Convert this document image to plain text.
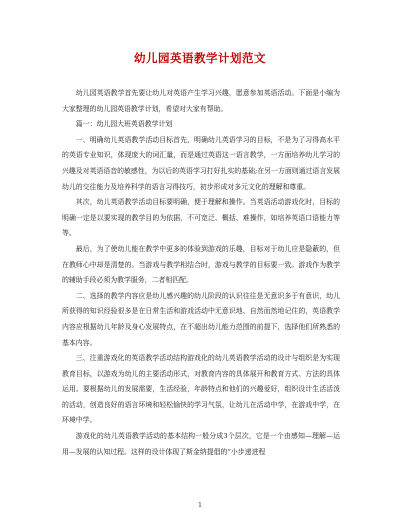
幼儿园英语教学计划范文

幼儿园英语教学首先要让幼儿对英语产生学习兴趣，愿意参加英语活动。下面是小编为大家整理的幼儿园英语教学计划，希望对大家有帮助。

篇一：幼儿园大班英语教学计划

一、明确幼儿英语教学活动目标首先，明确幼儿英语学习的目标，不是为了习得高水平的英语专业知识，体现庞大的词汇量，而是通过英语这一语言教学，一方面培养幼儿学习的兴趣及对英语语音的敏感性，为以后的英语学习打好扎实的基础;在另一方面则通过语言发展幼儿的交往能力及培养科学的语言习得技巧，初步形成对多元文化的理解和尊重。

其次，幼儿英语教学活动目标要明确，便于理解和操作。当英语活动游戏化时，目标的明确一定是以要实现的教学目的为依据，不可宽泛、概括、难操作，如培养英语口语能力等等。

最后，为了使幼儿能在教学中更多的体验到游戏的乐趣，目标对于幼儿应是隐蔽的，但在教师心中却是清楚的。当游戏与教学相结合时，游戏与教学的目标要一致。游戏作为教学的辅助手段必须为教学服务，二者相匹配。

二、选择的教学内容应是幼儿感兴趣的幼儿阶段的认识往往是无意识多于有意识，幼儿所获得的知识经验很多是在日常生活和游戏活动中无意识地、自然而然地记住的，英语教学内容应根据幼儿年龄及身心发展特点，在不超出幼儿能力范围的前提下，选择他们所熟悉的基本内容。

三、注重游戏化的英语教学活动结构游戏化的幼儿英语教学活动的设计与组织是为实现教育目标，以游戏为幼儿的主要活动形式，对教育内容的具体展开和教育方式、方法的具体运用。要根据幼儿的发展需要，生活经验，年龄特点和他们的兴趣爱好，组织设计生活活泼的活动，创造良好的语言环境和轻松愉快的学习气氛，让幼儿在活动中学，在游戏中学，在环境中学。

游戏化的幼儿英语教学活动的基本结构一般分成3个层次，它是一个由感知—理解—运用—发展的认知过程。这样的设计体现了斯金纳提倡的”小步递进程

1
